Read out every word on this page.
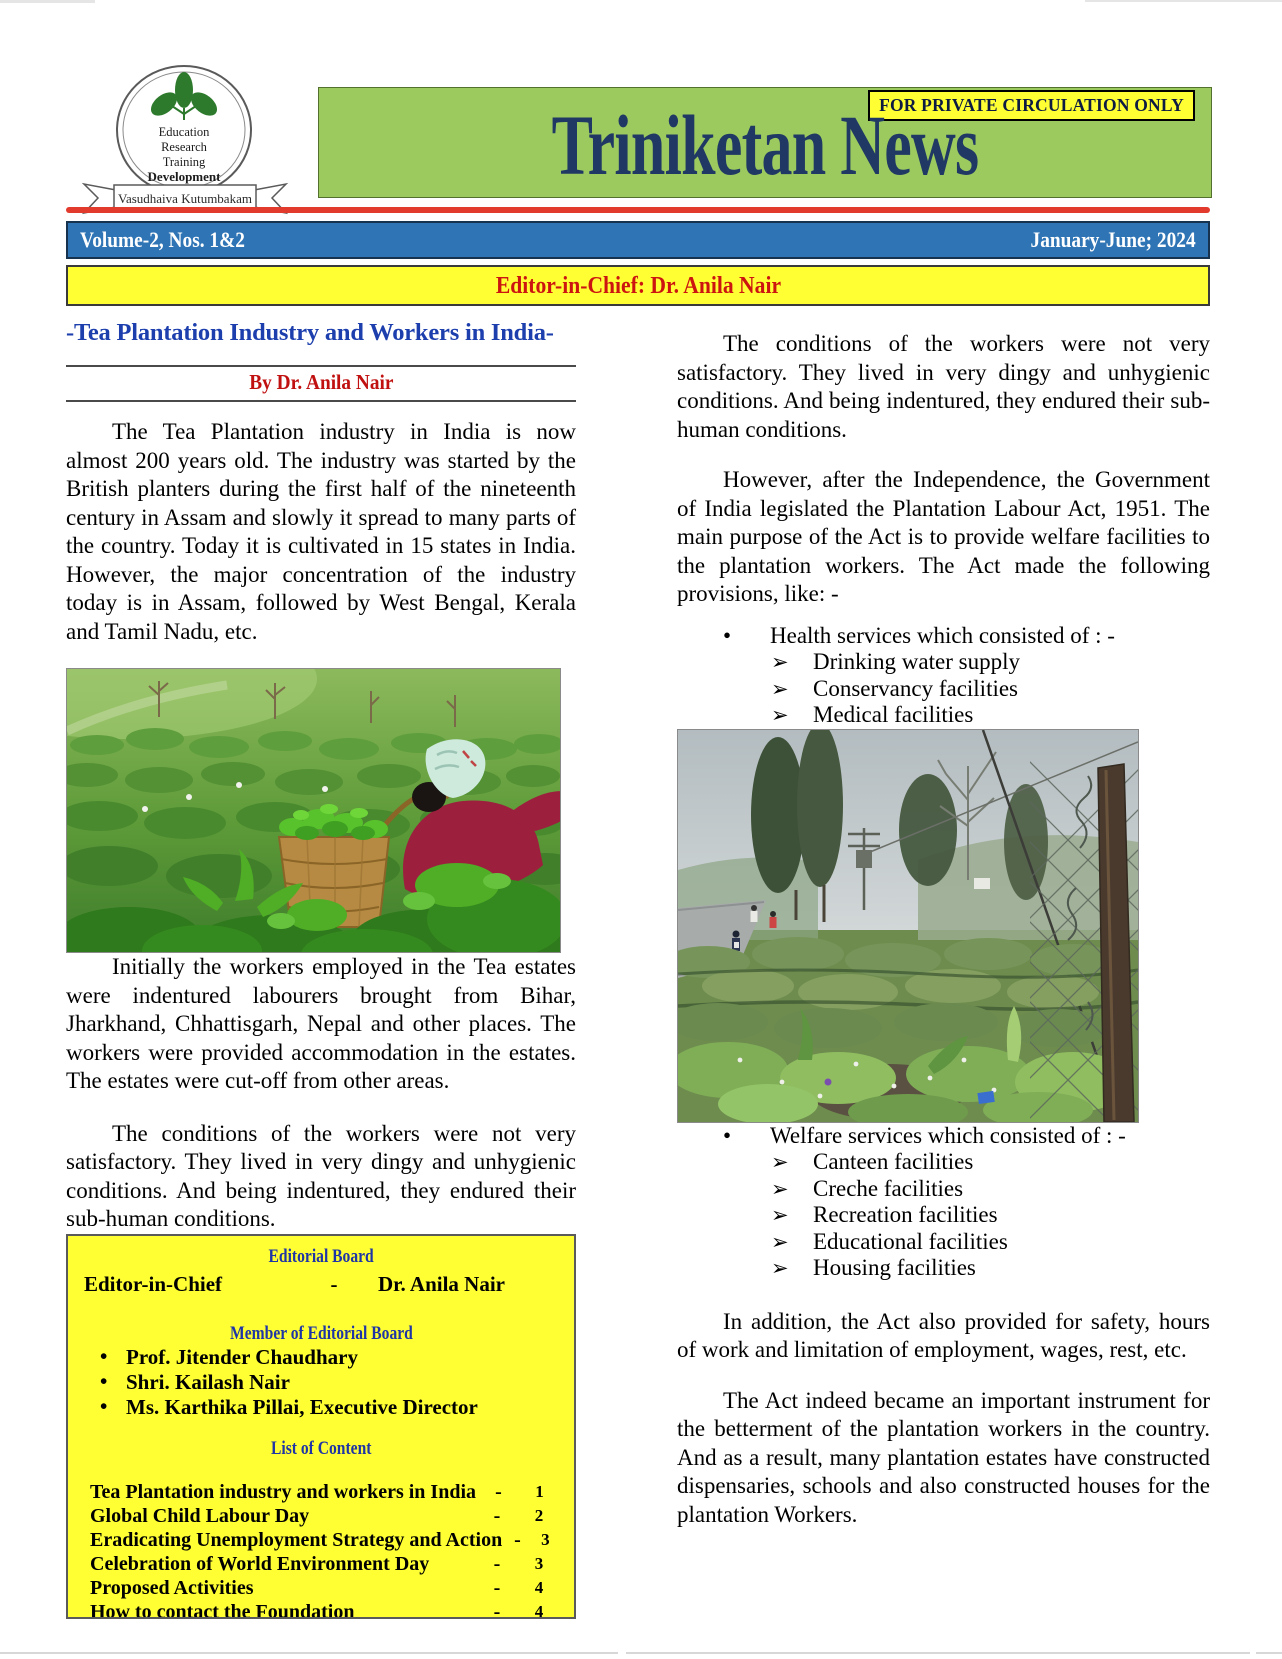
Education
Research
Training
Development
Vasudhaiva Kutumbakam
FOR PRIVATE CIRCULATION ONLY
Triniketan News
Volume-2, Nos. 1&2	January-June; 2024
Editor-in-Chief: Dr. Anila Nair
-Tea Plantation Industry and Workers in India-
By Dr. Anila Nair

The Tea Plantation industry in India is now almost 200 years old. The industry was started by the British planters during the first half of the nineteenth century in Assam and slowly it spread to many parts of the country. Today it is cultivated in 15 states in India. However, the major concentration of the industry today is in Assam, followed by West Bengal, Kerala and Tamil Nadu, etc.

Initially the workers employed in the Tea estates were indentured labourers brought from Bihar, Jharkhand, Chhattisgarh, Nepal and other places. The workers were provided accommodation in the estates. The estates were cut-off from other areas.

The conditions of the workers were not very satisfactory. They lived in very dingy and unhygienic conditions. And being indentured, they endured their sub-human conditions.

Editorial Board
Editor-in-Chief	-	Dr. Anila Nair
Member of Editorial Board
• Prof. Jitender Chaudhary
• Shri. Kailash Nair
• Ms. Karthika Pillai, Executive Director
List of Content
Tea Plantation industry and workers in India -	1
Global Child Labour Day	-	2
Eradicating Unemployment Strategy and Action -	3
Celebration of World Environment Day	-	3
Proposed Activities	-	4
How to contact the Foundation	-	4

The conditions of the workers were not very satisfactory. They lived in very dingy and unhygienic conditions. And being indentured, they endured their sub-human conditions.

However, after the Independence, the Government of India legislated the Plantation Labour Act, 1951. The main purpose of the Act is to provide welfare facilities to the plantation workers. The Act made the following provisions, like: -

• Health services which consisted of : -
➢ Drinking water supply
➢ Conservancy facilities
➢ Medical facilities
• Welfare services which consisted of : -
➢ Canteen facilities
➢ Creche facilities
➢ Recreation facilities
➢ Educational facilities
➢ Housing facilities

In addition, the Act also provided for safety, hours of work and limitation of employment, wages, rest, etc.

The Act indeed became an important instrument for the betterment of the plantation workers in the country. And as a result, many plantation estates have constructed dispensaries, schools and also constructed houses for the plantation Workers.
